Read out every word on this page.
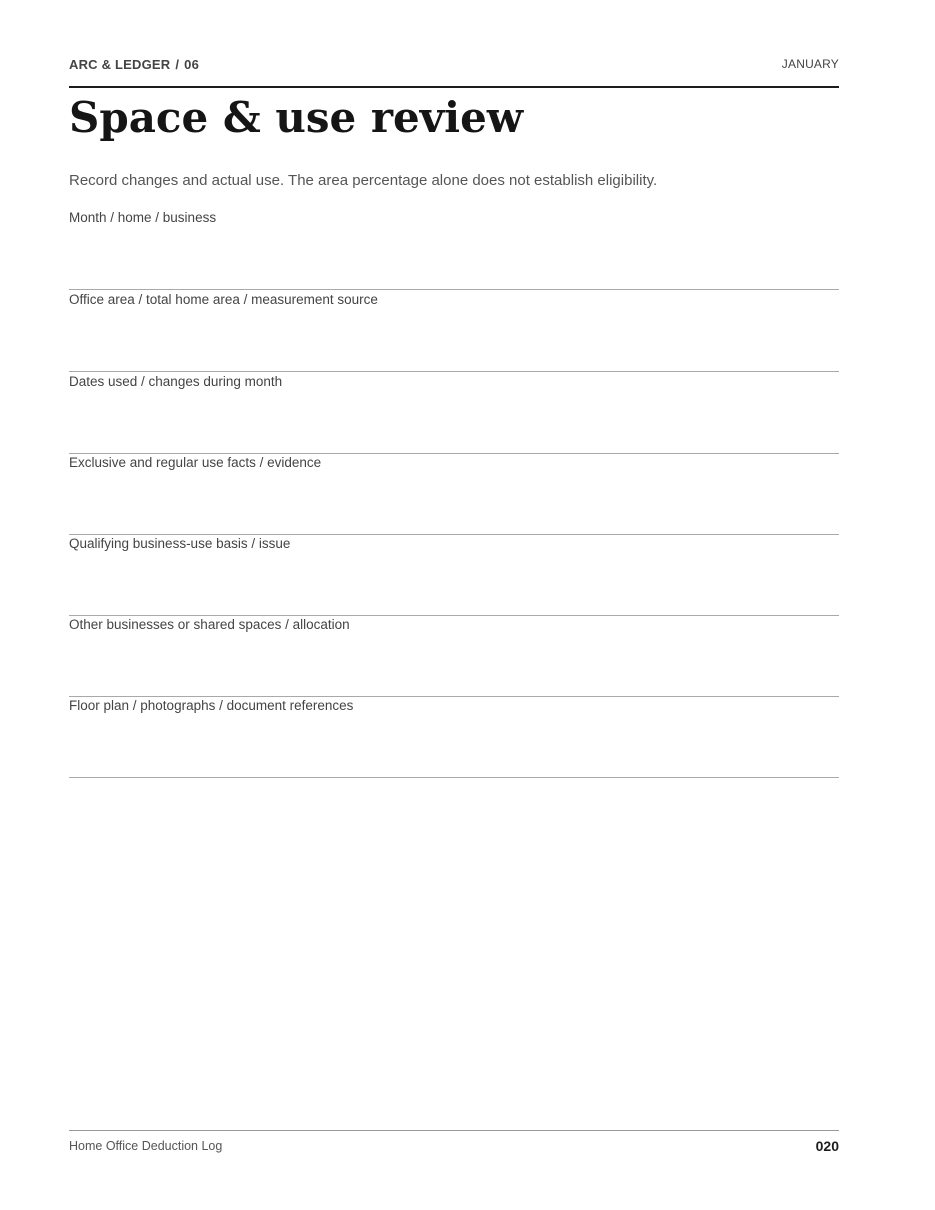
ARC & LEDGER / 06	JANUARY
Space & use review

Record changes and actual use. The area percentage alone does not establish eligibility.

Month / home / business
Office area / total home area / measurement source
Dates used / changes during month
Exclusive and regular use facts / evidence
Qualifying business-use basis / issue
Other businesses or shared spaces / allocation
Floor plan / photographs / document references
Home Office Deduction Log	020
